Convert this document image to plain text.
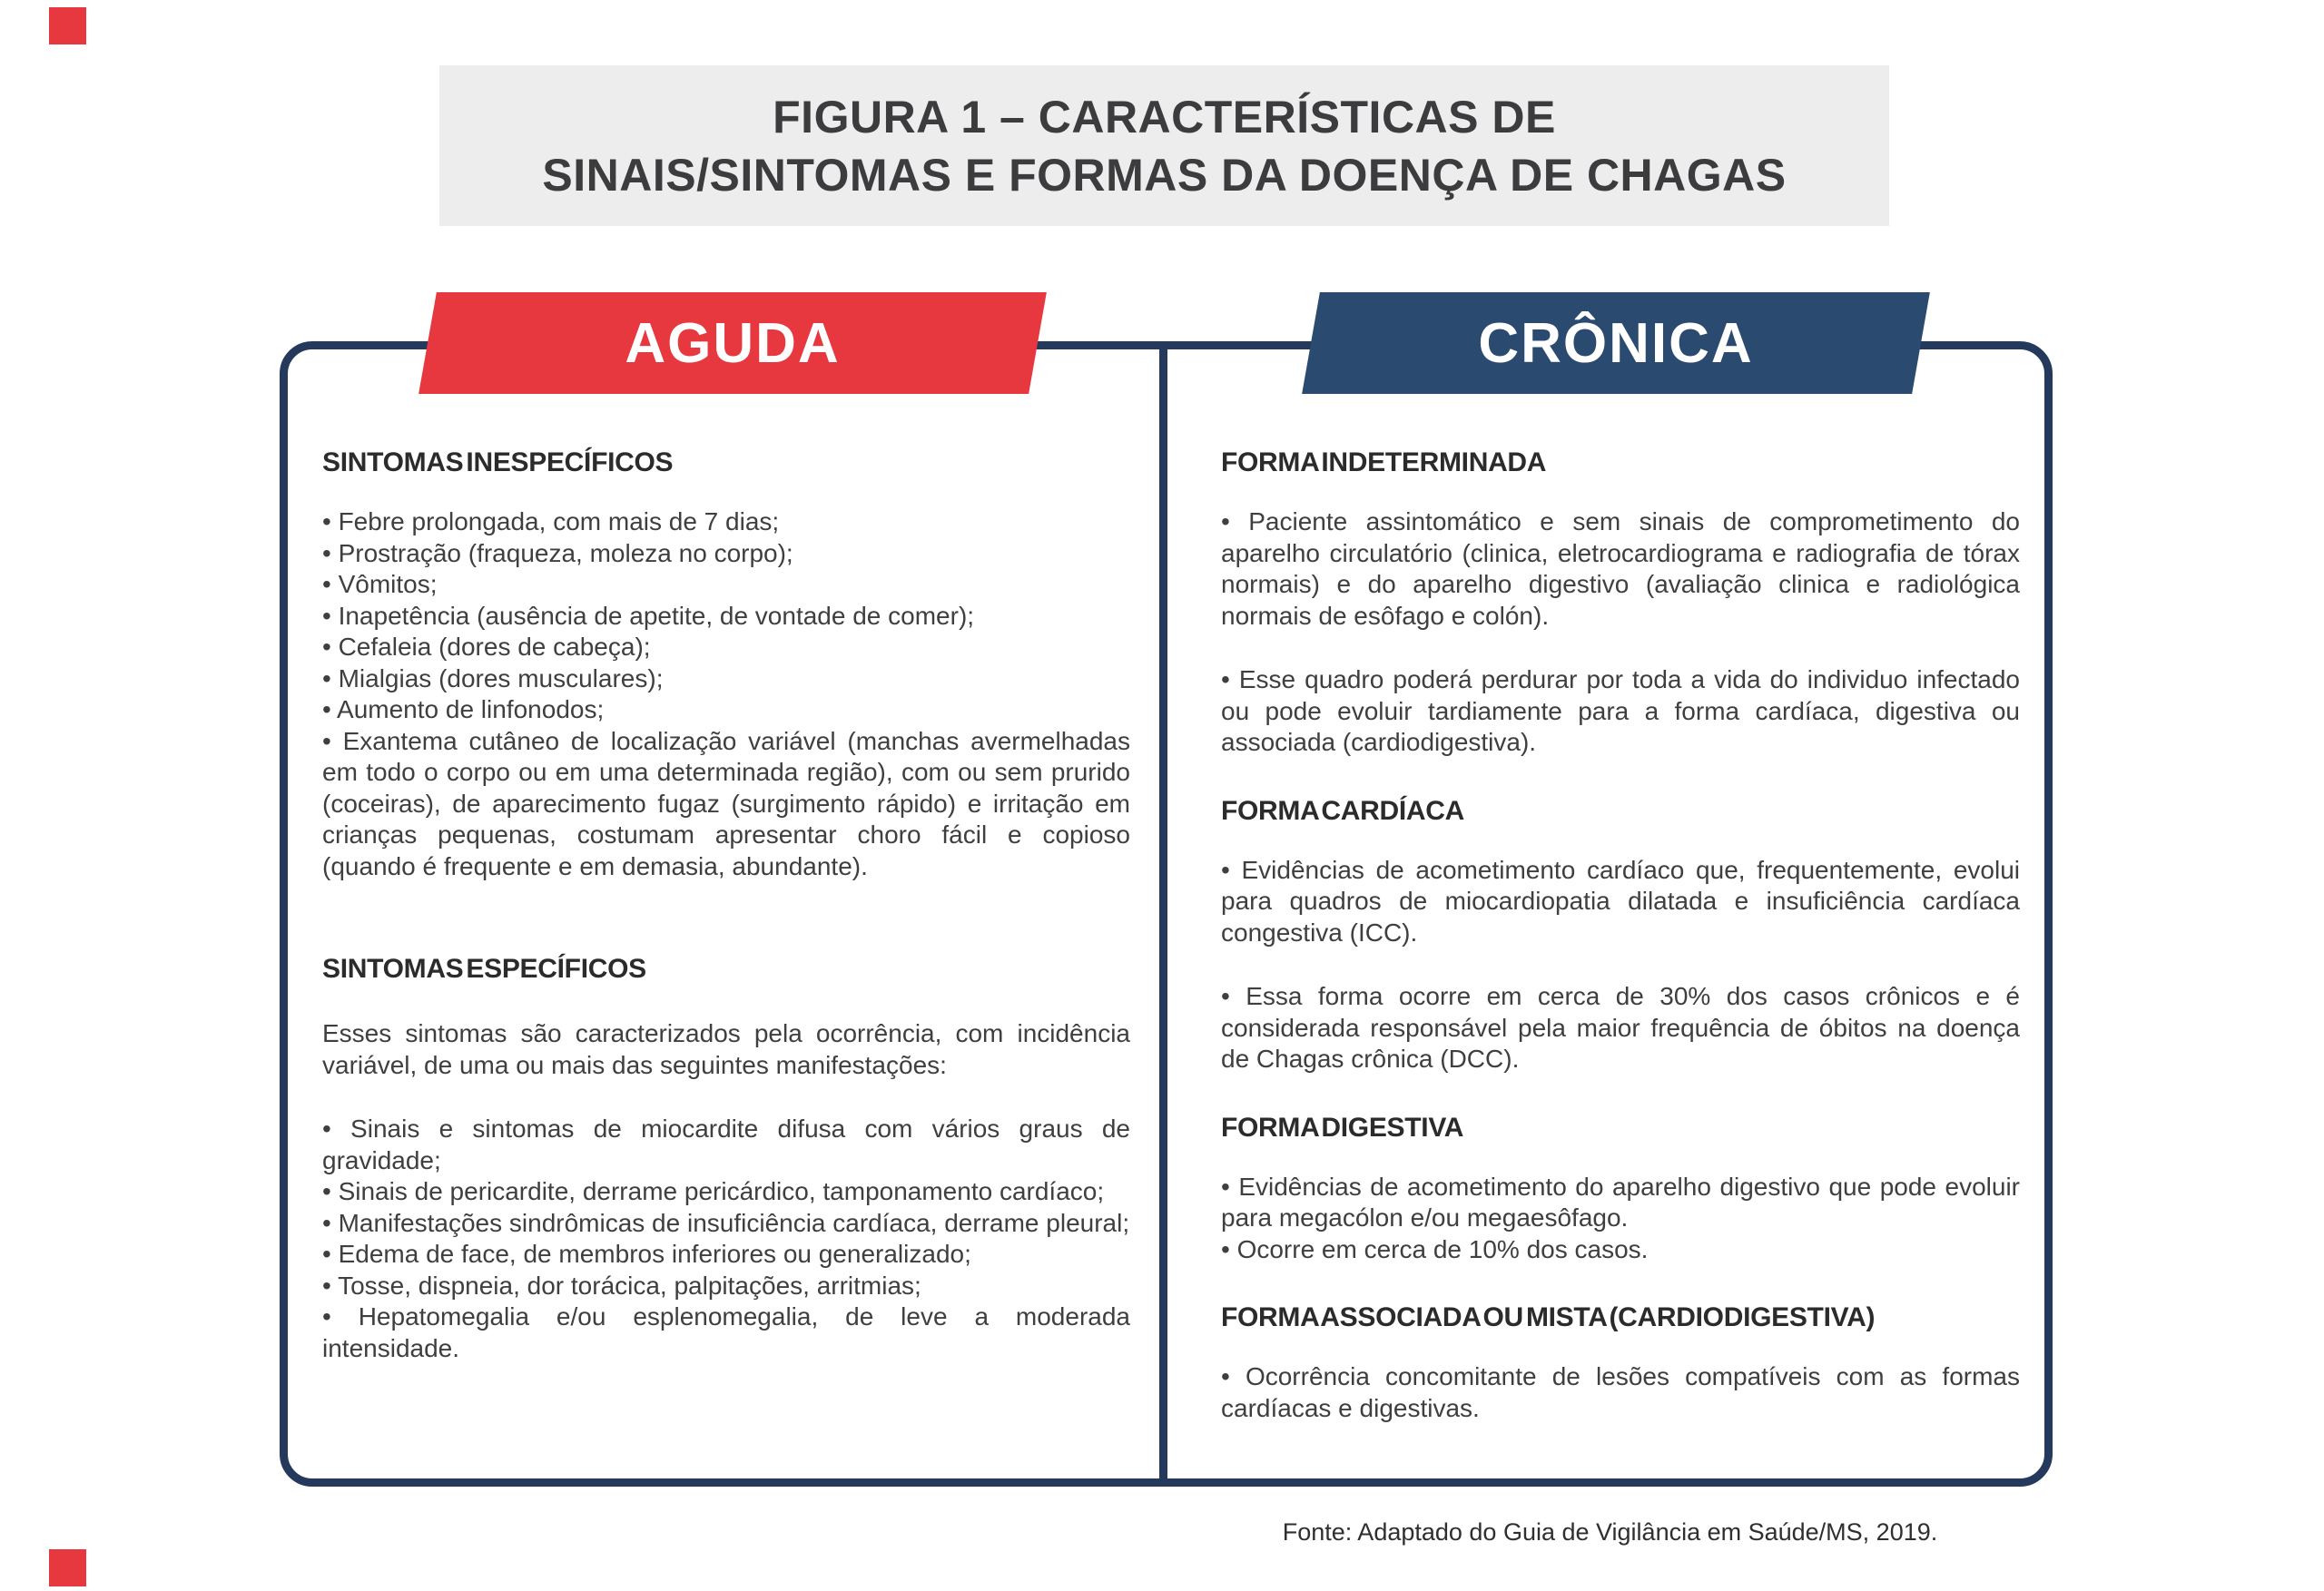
FIGURA 1 – CARACTERÍSTICAS DE
SINAIS/SINTOMAS E FORMAS DA DOENÇA DE CHAGAS
AGUDA	CRÔNICA
SINTOMAS INESPECÍFICOS

• Febre prolongada, com mais de 7 dias;

• Prostração (fraqueza, moleza no corpo);

• Vômitos;

• Inapetência (ausência de apetite, de vontade de comer);

• Cefaleia (dores de cabeça);

• Mialgias (dores musculares);

• Aumento de linfonodos;

• Exantema cutâneo de localização variável (manchas avermelhadas em todo o corpo ou em uma determinada região), com ou sem prurido (coceiras), de aparecimento fugaz (surgimento rápido) e irritação em crianças pequenas, costumam apresentar choro fácil e copioso (quando é frequente e em demasia, abundante).

SINTOMAS ESPECÍFICOS

Esses sintomas são caracterizados pela ocorrência, com incidência variável, de uma ou mais das seguintes manifestações:

• Sinais e sintomas de miocardite difusa com vários graus de gravidade;

• Sinais de pericardite, derrame pericárdico, tamponamento cardíaco;

• Manifestações sindrômicas de insuficiência cardíaca, derrame pleural;

• Edema de face, de membros inferiores ou generalizado;

• Tosse, dispneia, dor torácica, palpitações, arritmias;

• Hepatomegalia e/ou esplenomegalia, de leve a moderada intensidade.

FORMA INDETERMINADA

• Paciente assintomático e sem sinais de comprometimento do aparelho circulatório (clinica, eletrocardiograma e radiografia de tórax normais) e do aparelho digestivo (avaliação clinica e radiológica normais de esôfago e colón).

• Esse quadro poderá perdurar por toda a vida do individuo infectado ou pode evoluir tardiamente para a forma cardíaca, digestiva ou associada (cardiodigestiva).

FORMA CARDÍACA

• Evidências de acometimento cardíaco que, frequentemente, evolui para quadros de miocardiopatia dilatada e insuficiência cardíaca congestiva (ICC).

• Essa forma ocorre em cerca de 30% dos casos crônicos e é considerada responsável pela maior frequência de óbitos na doença de Chagas crônica (DCC).

FORMA DIGESTIVA

• Evidências de acometimento do aparelho digestivo que pode evoluir para megacólon e/ou megaesôfago.

• Ocorre em cerca de 10% dos casos.

FORMA ASSOCIADA OU MISTA (CARDIODIGESTIVA)

• Ocorrência concomitante de lesões compatíveis com as formas cardíacas e digestivas.

Fonte: Adaptado do Guia de Vigilância em Saúde/MS, 2019.
